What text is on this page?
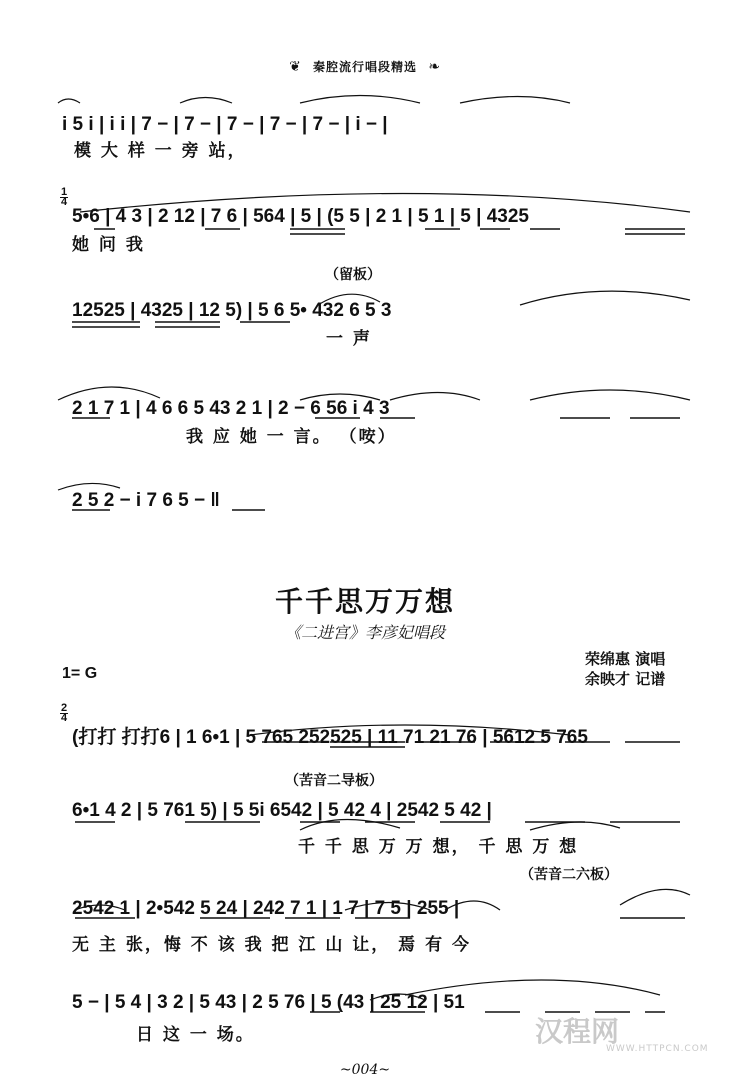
❦ 秦腔流行唱段精选 ❧
i 5 i | i i | 7 − | 7 − | 7 − | 7 − | 7 − | i − |
模 大 样 一 旁 站，
1
4
5•6 | 4 3 | 2 12 | 7 6 | 564 | 5 | (5 5 | 2 1 | 5 1 | 5 | 4325
她 问 我
（留板）
12525 | 4325 | 12 5) | 5 6 5• 432 6 5 3
一 声
2 1 7 1 | 4 6 6 5 43 2 1 | 2 − 6 56 i 4 3
我 应 她 一 言。 （咹）
2 5 2 − i 7 6 5 − ‖
千千思万万想
《二进宫》李彦妃唱段
荣绵惠 演唱
余映才 记谱
1= G
2
4
(打打 打打6 | 1 6•1 | 5 765 252525 | 11 71 21 76 | 5612 5 765
（苦音二导板）
6•1 4 2 | 5 761 5) | 5 5i 6542 | 5 42 4 | 2542 5 42 |
千 千 思 万 万 想， 千 思 万 想
（苦音二六板）
2542 1 | 2•542 5 24 | 242 7 1 | 1 7 | 7 5 | 255 |
无 主 张，悔 不 该 我 把 江 山 让， 焉 有 今
5 − | 5 4 | 3 2 | 5 43 | 2 5 76 | 5 (43 | 25 12 | 51
日 这 一 场。	汉程网
WWW.HTTPCN.COM
~004~
